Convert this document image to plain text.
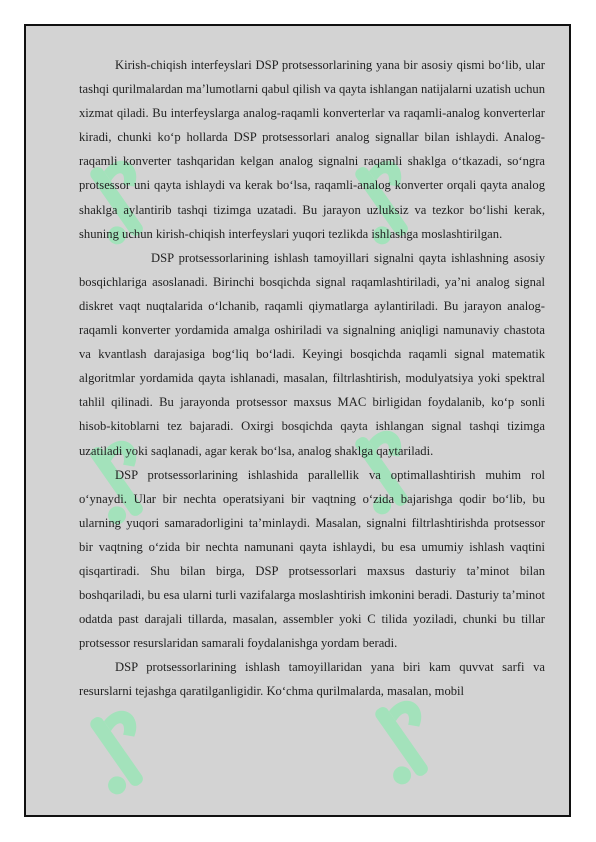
Kirish-chiqish interfeyslari DSP protsessorlarining yana bir asosiy qismi bo‘lib, ular tashqi qurilmalardan ma’lumotlarni qabul qilish va qayta ishlangan natijalarni uzatish uchun xizmat qiladi. Bu interfeyslarga analog-raqamli konverterlar va raqamli-analog konverterlar kiradi, chunki ko‘p hollarda DSP protsessorlari analog signallar bilan ishlaydi. Analog-raqamli konverter tashqaridan kelgan analog signalni raqamli shaklga o‘tkazadi, so‘ngra protsessor uni qayta ishlaydi va kerak bo‘lsa, raqamli-analog konverter orqali qayta analog shaklga aylantirib tashqi tizimga uzatadi. Bu jarayon uzluksiz va tezkor bo‘lishi kerak, shuning uchun kirish-chiqish interfeyslari yuqori tezlikda ishlashga moslashtirilgan.

DSP protsessorlarining ishlash tamoyillari signalni qayta ishlashning asosiy bosqichlariga asoslanadi. Birinchi bosqichda signal raqamlashtiriladi, ya’ni analog signal diskret vaqt nuqtalarida o‘lchanib, raqamli qiymatlarga aylantiriladi. Bu jarayon analog-raqamli konverter yordamida amalga oshiriladi va signalning aniqligi namunaviy chastota va kvantlash darajasiga bog‘liq bo‘ladi. Keyingi bosqichda raqamli signal matematik algoritmlar yordamida qayta ishlanadi, masalan, filtrlashtirish, modulyatsiya yoki spektral tahlil qilinadi. Bu jarayonda protsessor maxsus MAC birligidan foydalanib, ko‘p sonli hisob-kitoblarni tez bajaradi. Oxirgi bosqichda qayta ishlangan signal tashqi tizimga uzatiladi yoki saqlanadi, agar kerak bo‘lsa, analog shaklga qaytariladi.

DSP protsessorlarining ishlashida parallellik va optimallashtirish muhim rol o‘ynaydi. Ular bir nechta operatsiyani bir vaqtning o‘zida bajarishga qodir bo‘lib, bu ularning yuqori samaradorligini ta’minlaydi. Masalan, signalni filtrlashtirishda protsessor bir vaqtning o‘zida bir nechta namunani qayta ishlaydi, bu esa umumiy ishlash vaqtini qisqartiradi. Shu bilan birga, DSP protsessorlari maxsus dasturiy ta’minot bilan boshqariladi, bu esa ularni turli vazifalarga moslashtirish imkonini beradi. Dasturiy ta’minot odatda past darajali tillarda, masalan, assembler yoki C tilida yoziladi, chunki bu tillar protsessor resurslaridan samarali foydalanishga yordam beradi.

DSP protsessorlarining ishlash tamoyillaridan yana biri kam quvvat sarfi va resurslarni tejashga qaratilganligidir. Ko‘chma qurilmalarda, masalan, mobil
